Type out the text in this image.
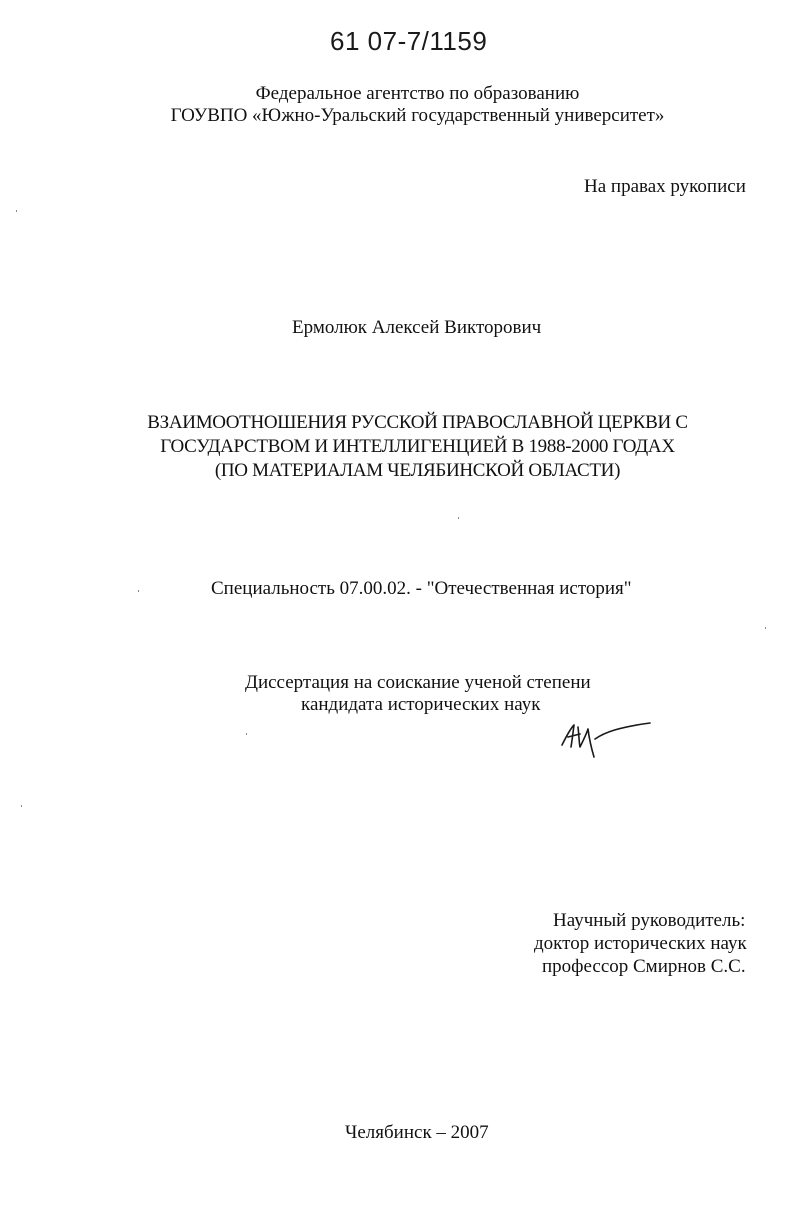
61 07-7/1159
Федеральное агентство по образованию
ГОУВПО «Южно-Уральский государственный университет»
На правах рукописи
Ермолюк Алексей Викторович
ВЗАИМООТНОШЕНИЯ РУССКОЙ ПРАВОСЛАВНОЙ ЦЕРКВИ С
ГОСУДАРСТВОМ И ИНТЕЛЛИГЕНЦИЕЙ В 1988-2000 ГОДАХ
(ПО МАТЕРИАЛАМ ЧЕЛЯБИНСКОЙ ОБЛАСТИ)
Специальность 07.00.02. - "Отечественная история"
Диссертация на соискание ученой степени
кандидата исторических наук
Научный руководитель:
доктор исторических наук
профессор Смирнов С.С.
Челябинск – 2007
